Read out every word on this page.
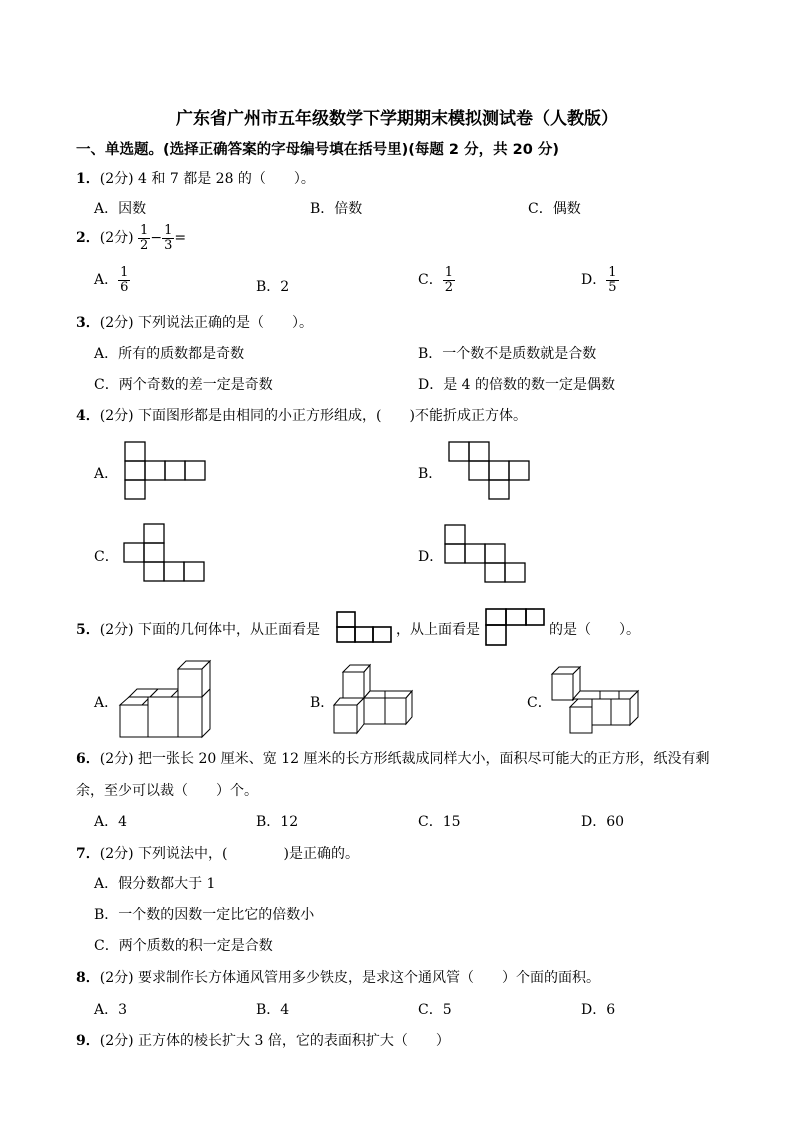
广东省广州市五年级数学下学期期末模拟测试卷（人教版）
一、单选题。(选择正确答案的字母编号填在括号里)(每题 2 分，共 20 分)
1．(2分) 4 和 7 都是 28 的（　　）。
A．因数	B．倍数	C．偶数
2．(2分) $\frac{1}{2} - \frac{1}{3}$ =
A． $\frac{1}{6}$	B．2	C． $\frac{1}{2}$	D． $\frac{1}{5}$
3．(2分) 下列说法正确的是（　　）。
A．所有的质数都是奇数	B．一个数不是质数就是合数
C．两个奇数的差一定是奇数	D．是 4 的倍数的数一定是偶数
4．(2分) 下面图形都是由相同的小正方形组成，(　　)不能折成正方体。
A．	B．
C．	D．
5．(2分) 下面的几何体中，从正面看是	，从上面看是	的是（　　）。
A．	B．	C．
6．(2分) 把一张长 20 厘米、宽 12 厘米的长方形纸裁成同样大小，面积尽可能大的正方形，纸没有剩
余，至少可以裁（　　）个。
A．4	B．12	C．15	D．60
7．(2分) 下列说法中，(　　　　)是正确的。
A．假分数都大于 1
B．一个数的因数一定比它的倍数小
C．两个质数的积一定是合数
8．(2分) 要求制作长方体通风管用多少铁皮，是求这个通风管（　　）个面的面积。
A．3	B．4	C．5	D．6
9．(2分) 正方体的棱长扩大 3 倍，它的表面积扩大（　　）
